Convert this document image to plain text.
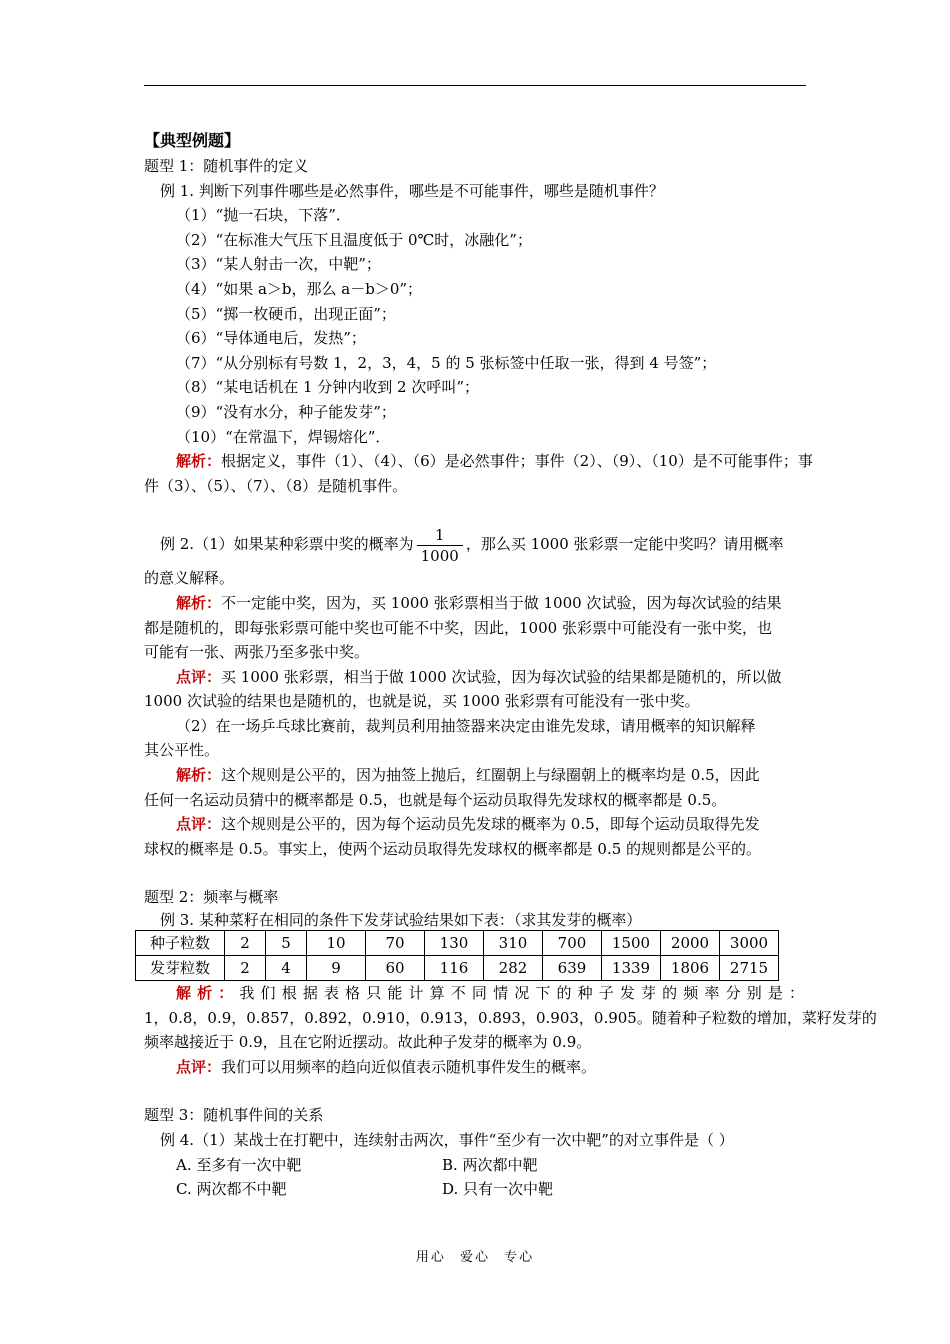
【典型例题】
题型 1：随机事件的定义
例 1. 判断下列事件哪些是必然事件，哪些是不可能事件，哪些是随机事件？
（1）“抛一石块，下落”．
（2）“在标准大气压下且温度低于 0℃时，冰融化”；
（3）“某人射击一次，中靶”；
（4）“如果 a＞b，那么 a－b＞0”；
（5）“掷一枚硬币，出现正面”；
（6）“导体通电后，发热”；
（7）“从分别标有号数 1，2，3，4，5 的 5 张标签中任取一张，得到 4 号签”；
（8）“某电话机在 1 分钟内收到 2 次呼叫”；
（9）“没有水分，种子能发芽”；
（10）“在常温下，焊锡熔化”．
解析：根据定义，事件（1）、（4）、（6）是必然事件；事件（2）、（9）、（10）是不可能事件；事
件（3）、（5）、（7）、（8）是随机事件。
例 2.（1）如果某种彩票中奖的概率为 $\frac{1}{1000}$ ，那么买 1000 张彩票一定能中奖吗？请用概率
的意义解释。
解析：不一定能中奖，因为，买 1000 张彩票相当于做 1000 次试验，因为每次试验的结果
都是随机的，即每张彩票可能中奖也可能不中奖，因此，1000 张彩票中可能没有一张中奖，也
可能有一张、两张乃至多张中奖。
点评：买 1000 张彩票，相当于做 1000 次试验，因为每次试验的结果都是随机的，所以做
1000 次试验的结果也是随机的，也就是说，买 1000 张彩票有可能没有一张中奖。
（2）在一场乒乓球比赛前，裁判员利用抽签器来决定由谁先发球，请用概率的知识解释
其公平性。
解析：这个规则是公平的，因为抽签上抛后，红圈朝上与绿圈朝上的概率均是 0.5，因此
任何一名运动员猜中的概率都是 0.5，也就是每个运动员取得先发球权的概率都是 0.5。
点评：这个规则是公平的，因为每个运动员先发球的概率为 0.5，即每个运动员取得先发
球权的概率是 0.5。事实上，使两个运动员取得先发球权的概率都是 0.5 的规则都是公平的。
题型 2：频率与概率
例 3. 某种菜籽在相同的条件下发芽试验结果如下表：（求其发芽的概率）
种子粒数	2	5	10	70	130	310	700	1500	2000	3000
发芽粒数	2	4	9	60	116	282	639	1339	1806	2715
解析：我们根据表格只能计算不同情况下的种子发芽的频率分别是：
1，0.8，0.9，0.857，0.892，0.910，0.913，0.893，0.903，0.905。随着种子粒数的增加，菜籽发芽的
频率越接近于 0.9，且在它附近摆动。故此种子发芽的概率为 0.9。
点评：我们可以用频率的趋向近似值表示随机事件发生的概率。
题型 3：随机事件间的关系
例 4.（1）某战士在打靶中，连续射击两次，事件“至少有一次中靶”的对立事件是（ ）
A. 至多有一次中靶	B. 两次都中靶
C. 两次都不中靶	D. 只有一次中靶
用心 爱心 专心
